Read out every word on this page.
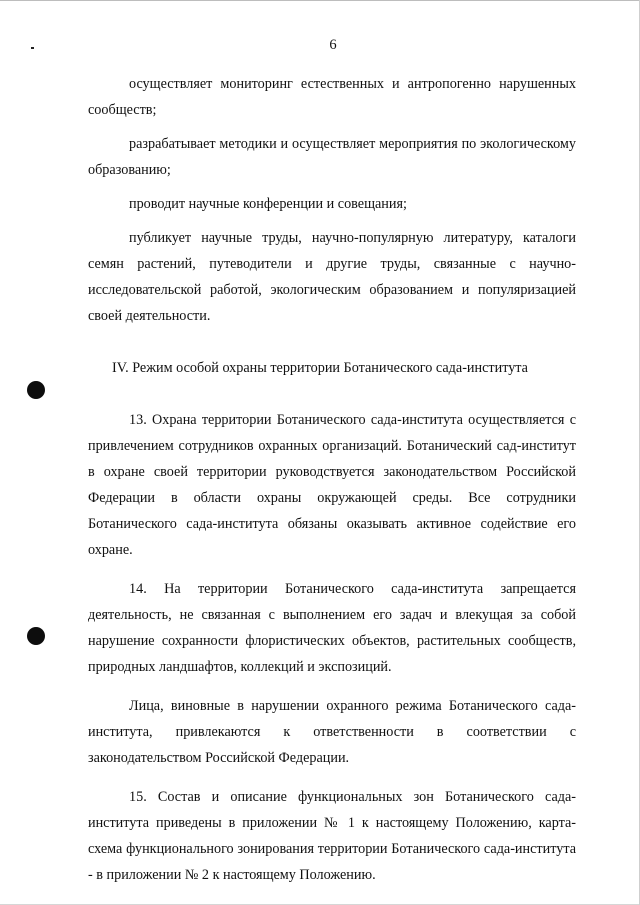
6

осуществляет мониторинг естественных и антропогенно нарушенных сообществ;

разрабатывает методики и осуществляет мероприятия по экологическому образованию;

проводит научные конференции и совещания;

публикует научные труды, научно-популярную литературу, каталоги семян растений, путеводители и другие труды, связанные с научно-исследовательской работой, экологическим образованием и популяризацией своей деятельности.

IV. Режим особой охраны территории Ботанического сада-института

13. Охрана территории Ботанического сада-института осуществляется с привлечением сотрудников охранных организаций. Ботанический сад-институт в охране своей территории руководствуется законодательством Российской Федерации в области охраны окружающей среды. Все сотрудники Ботанического сада-института обязаны оказывать активное содействие его охране.

14. На территории Ботанического сада-института запрещается деятельность, не связанная с выполнением его задач и влекущая за собой нарушение сохранности флористических объектов, растительных сообществ, природных ландшафтов, коллекций и экспозиций.

Лица, виновные в нарушении охранного режима Ботанического сада-института, привлекаются к ответственности в соответствии с законодательством Российской Федерации.

15. Состав и описание функциональных зон Ботанического сада-института приведены в приложении № 1 к настоящему Положению, карта-схема функционального зонирования территории Ботанического сада-института - в приложении № 2 к настоящему Положению.
